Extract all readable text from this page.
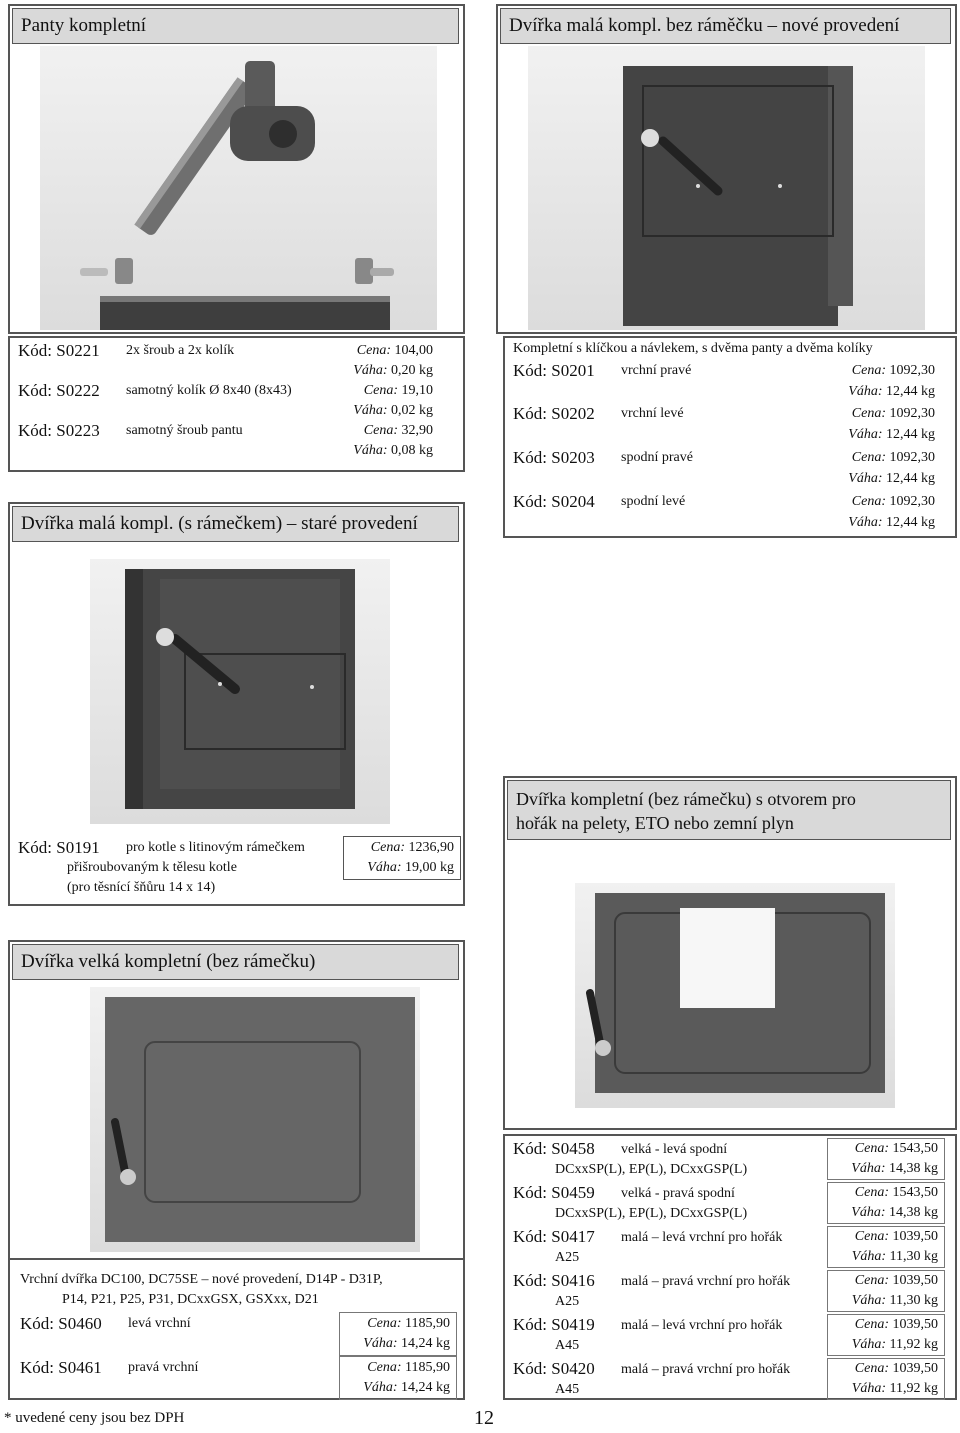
Panty kompletní
Kód: S0221 2x šroub a 2x kolík	Cena: 104,00
Váha: 0,20 kg
Kód: S0222 samotný kolík Ø 8x40 (8x43)	Cena: 19,10
Váha: 0,02 kg
Kód: S0223 samotný šroub pantu	Cena: 32,90
Váha: 0,08 kg
Dvířka malá kompl. bez ráměčku – nové provedení
Kompletní s klíčkou a návlekem, s dvěma panty a dvěma kolíky
Kód: S0201 vrchní pravé	Cena: 1092,30
Váha: 12,44 kg
Kód: S0202 vrchní levé	Cena: 1092,30
Váha: 12,44 kg
Kód: S0203 spodní pravé	Cena: 1092,30
Váha: 12,44 kg
Kód: S0204 spodní levé	Cena: 1092,30
Váha: 12,44 kg
Dvířka malá kompl. (s rámečkem) – staré provedení
Kód: S0191 pro kotle s litinovým rámečkem
přišroubovaným k tělesu kotle
(pro těsnící šňůru 14 x 14)
Cena: 1236,90
Váha: 19,00 kg
Dvířka kompletní (bez rámečku) s otvorem pro
hořák na pelety, ETO nebo zemní plyn
Dvířka velká kompletní (bez rámečku)
Vrchní dvířka DC100, DC75SE – nové provedení, D14P - D31P,
P14, P21, P25, P31, DCxxGSX, GSXxx, D21
Kód: S0460 levá vrchní	Cena: 1185,90
Váha: 14,24 kg
Kód: S0461 pravá vrchní	Cena: 1185,90
Váha: 14,24 kg
Kód: S0458 velká - levá spodní
DCxxSP(L), EP(L), DCxxGSP(L)
Cena: 1543,50
Váha: 14,38 kg
Kód: S0459 velká - pravá spodní
DCxxSP(L), EP(L), DCxxGSP(L)
Cena: 1543,50
Váha: 14,38 kg
Kód: S0417 malá – levá vrchní pro hořák
A25
Cena: 1039,50
Váha: 11,30 kg
Kód: S0416 malá – pravá vrchní pro hořák
A25
Cena: 1039,50
Váha: 11,30 kg
Kód: S0419 malá – levá vrchní pro hořák
A45
Cena: 1039,50
Váha: 11,92 kg
Kód: S0420 malá – pravá vrchní pro hořák
A45
Cena: 1039,50
Váha: 11,92 kg
* uvedené ceny jsou bez DPH	12
